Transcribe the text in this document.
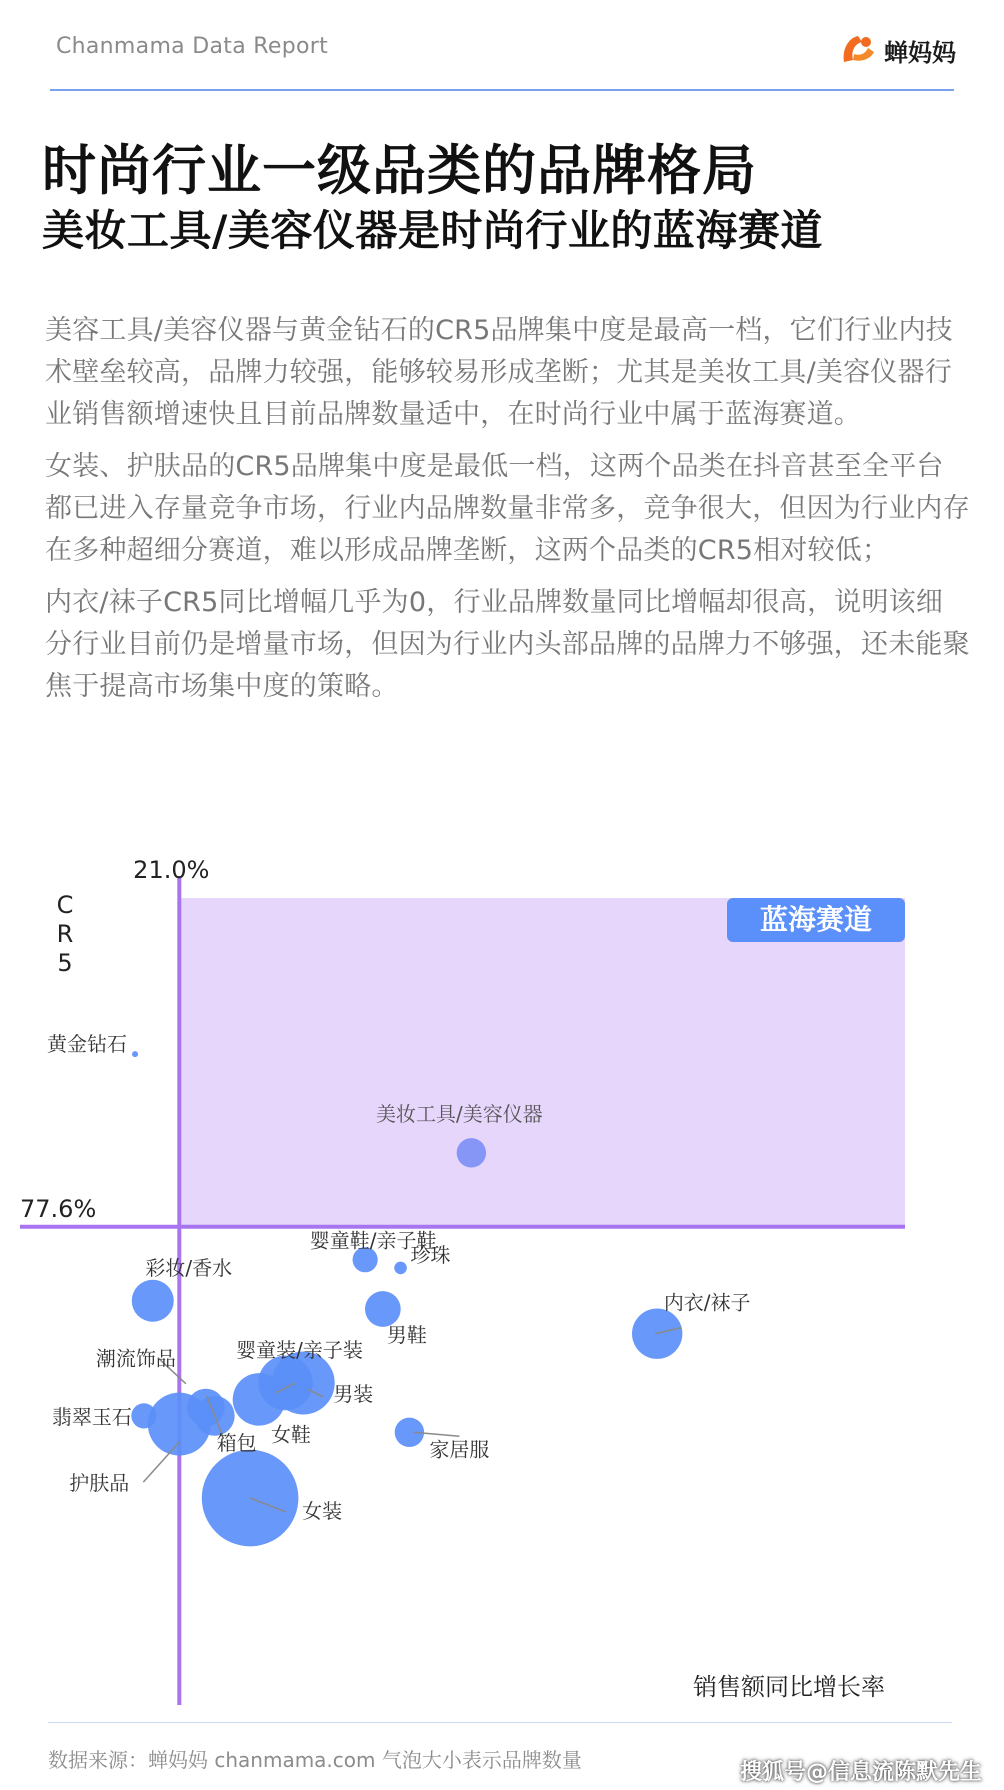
Chanmama Data Report	蝉妈妈
时尚行业一级品类的品牌格局
美妆工具/美容仪器是时尚行业的蓝海赛道

美容工具/美容仪器与黄金钻石的CR5品牌集中度是最高一档，它们行业内技术壁垒较高，品牌力较强，能够较易形成垄断；尤其是美妆工具/美容仪器行业销售额增速快且目前品牌数量适中，在时尚行业中属于蓝海赛道。

女装、护肤品的CR5品牌集中度是最低一档，这两个品类在抖音甚至全平台都已进入存量竞争市场，行业内品牌数量非常多，竞争很大，但因为行业内存在多种超细分赛道，难以形成品牌垄断，这两个品类的CR5相对较低；

内衣/袜子CR5同比增幅几乎为0，行业品牌数量同比增幅却很高，说明该细分行业目前仍是增量市场，但因为行业内头部品牌的品牌力不够强，还未能聚焦于提高市场集中度的策略。

蓝海赛道
21.0%
77.6%
销售额同比增长率
C
R
5
黄金钻石
美妆工具/美容仪器
婴童鞋/亲子鞋
珍珠
彩妆/香水
男鞋
内衣/袜子
婴童装/亲子装
男装
女鞋
潮流饰品
箱包
翡翠玉石
护肤品
家居服
女装
数据来源：蝉妈妈 chanmama.com 气泡大小表示品牌数量	搜狐号@信息流陈默先生
